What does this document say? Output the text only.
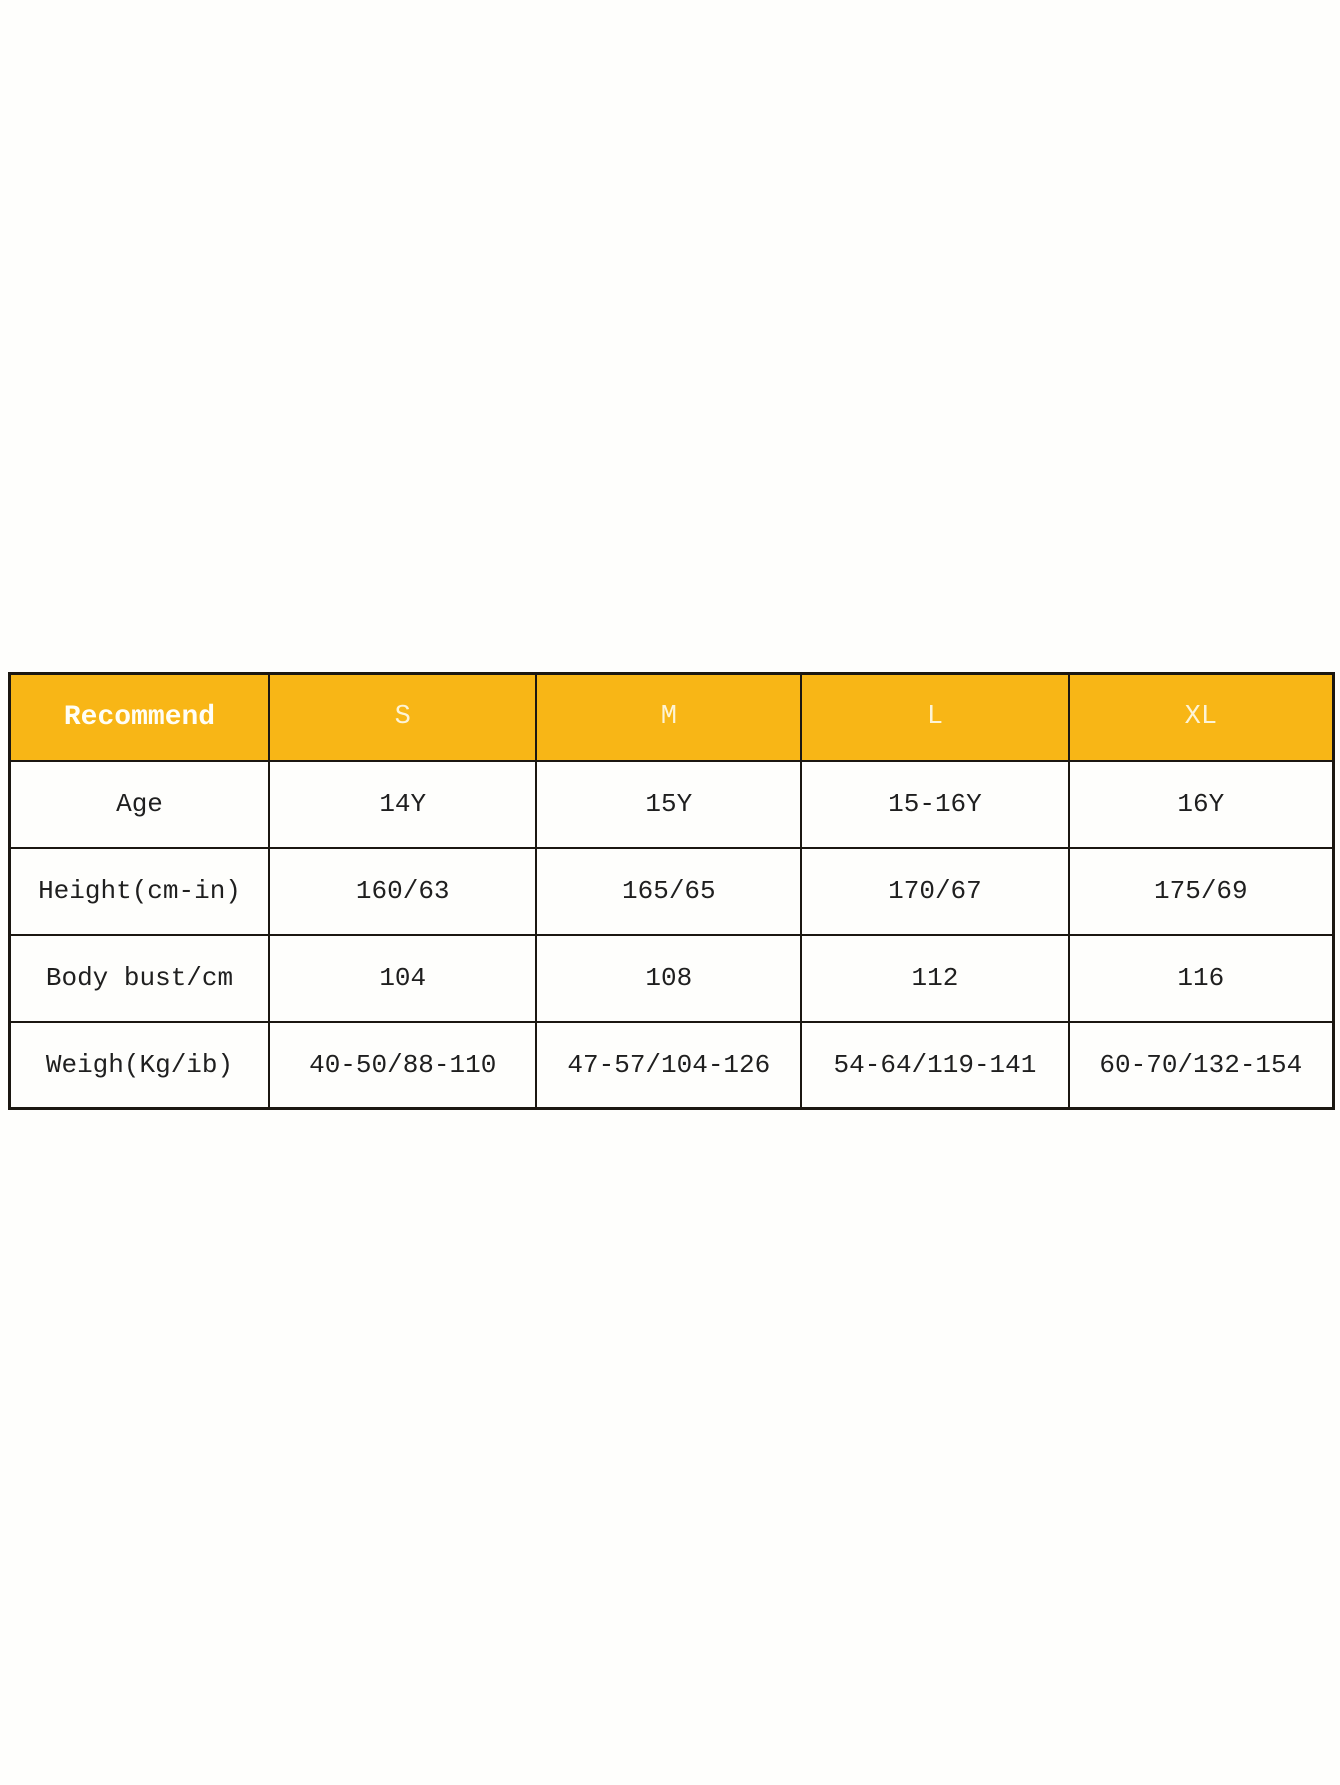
Recommend	S	M	L	XL
Age	14Y	15Y	15-16Y	16Y
Height(cm-in)	160/63	165/65	170/67	175/69
Body bust/cm	104	108	112	116
Weigh(Kg/ib)	40-50/88-110	47-57/104-126	54-64/119-141	60-70/132-154
